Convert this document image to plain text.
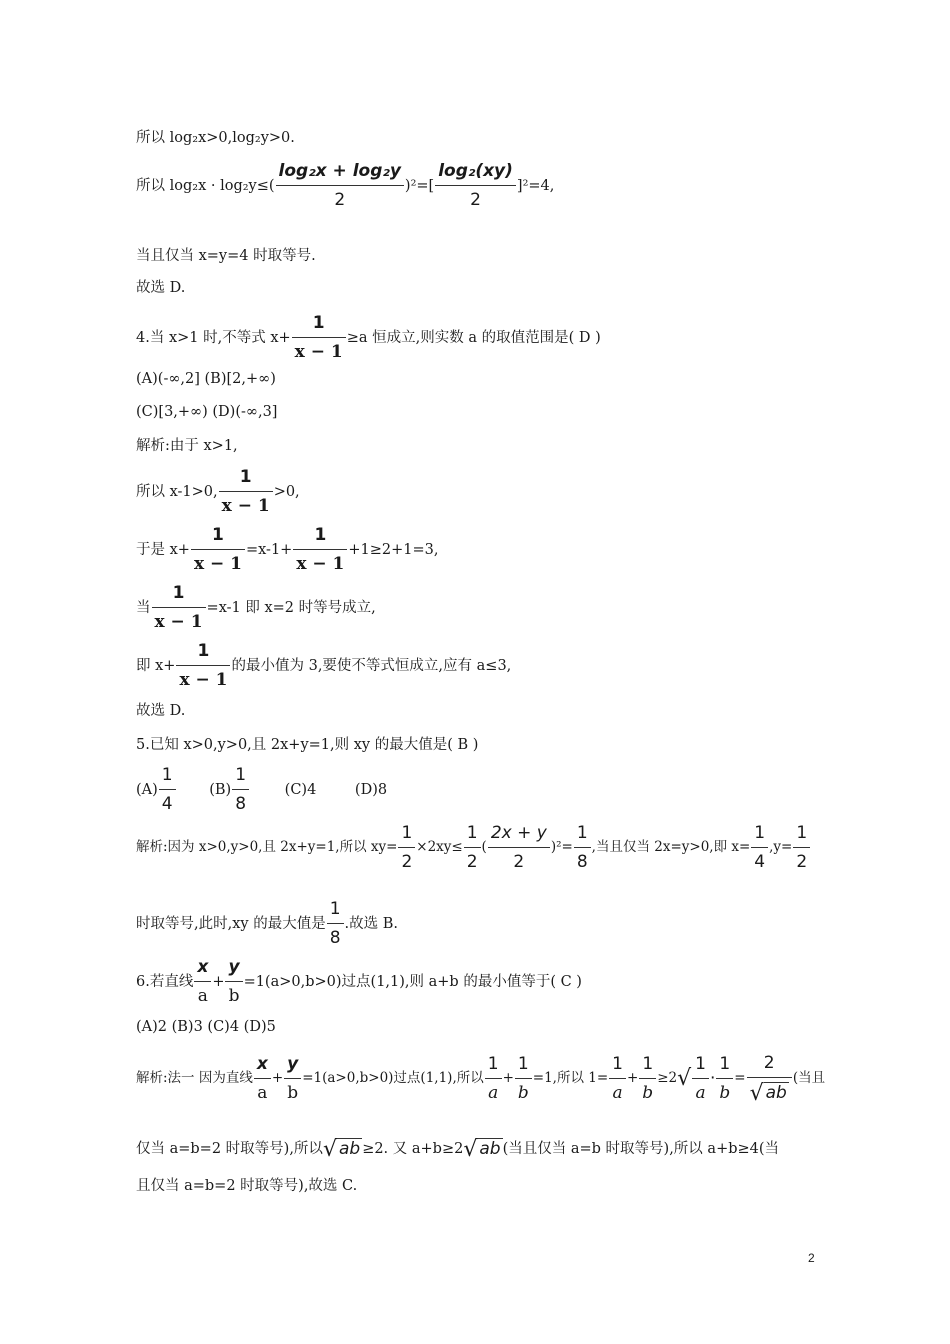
所以 log₂x>0,log₂y>0.
所以 $\log_2x \cdot \log_2y\le( \frac{\text{log₂x + log₂y}}{2} )^2=[ \frac{\text{log₂(xy)}}{2} ]^2=4$,
当且仅当 x=y=4 时取等号.
故选 D.
4.当 x>1 时,不等式 $x+ \frac{1}{x - 1} \ge a$ 恒成立,则实数 a 的取值范围是( D )
(A)(-∞,2] (B)[2,+∞)
(C)[3,+∞) (D)(-∞,3]
解析:由于 x>1,
所以 x-1>0, $\frac{1}{x - 1} >0$,
于是 $x+ \frac{1}{x - 1} =x-1+ \frac{1}{x - 1} +1\ge 2+1=3$,
当 $\frac{1}{x - 1} =x-1$ 即 x=2 时等号成立,
即 $x+ \frac{1}{x - 1}$ 的最小值为 3,要使不等式恒成立,应有 a≤3,
故选 D.
5.已知 x>0,y>0,且 2x+y=1,则 xy 的最大值是( B )
$(A) \frac{1}{4} (B) \frac{1}{8} (C)4$	(D)8
解析:因为 x>0,y>0,且 2x+y=1,所以 $xy= \frac{1}{2} \times 2xy\le \frac{1}{2}$ ( $\frac{2x + y}{2} )^2= \frac{1}{8}$ ,当且仅当 2x=y>0,即 $x= \frac{1}{4} ,y= \frac{1}{2}$
时取等号,此时,xy 的最大值是 $\frac{1}{8}$ .故选 B.
6.若直线 $\frac{x}{a} + \frac{y}{b} =1(a>0,b>0)$过点(1,1),则 a+b 的最小值等于( C )
(A)2 (B)3 (C)4 (D)5
解析:法一 因为直线 $\frac{x}{a} + \frac{y}{b} =1(a>0,b>0)$过点(1,1),所以 $\frac{1}{a} + \frac{1}{b} =1$,所以 $1= \frac{1}{a} + \frac{1}{b} \ge 2√ \frac{1}{a} \cdot \frac{1}{b} = \frac{2}{√ ab}$ (当且
仅当 a=b=2 时取等号),所以√ ab ≥2. 又 a+b≥2√ ab (当且仅当 a=b 时取等号),所以 a+b≥4(当
且仅当 a=b=2 时取等号),故选 C.
2
